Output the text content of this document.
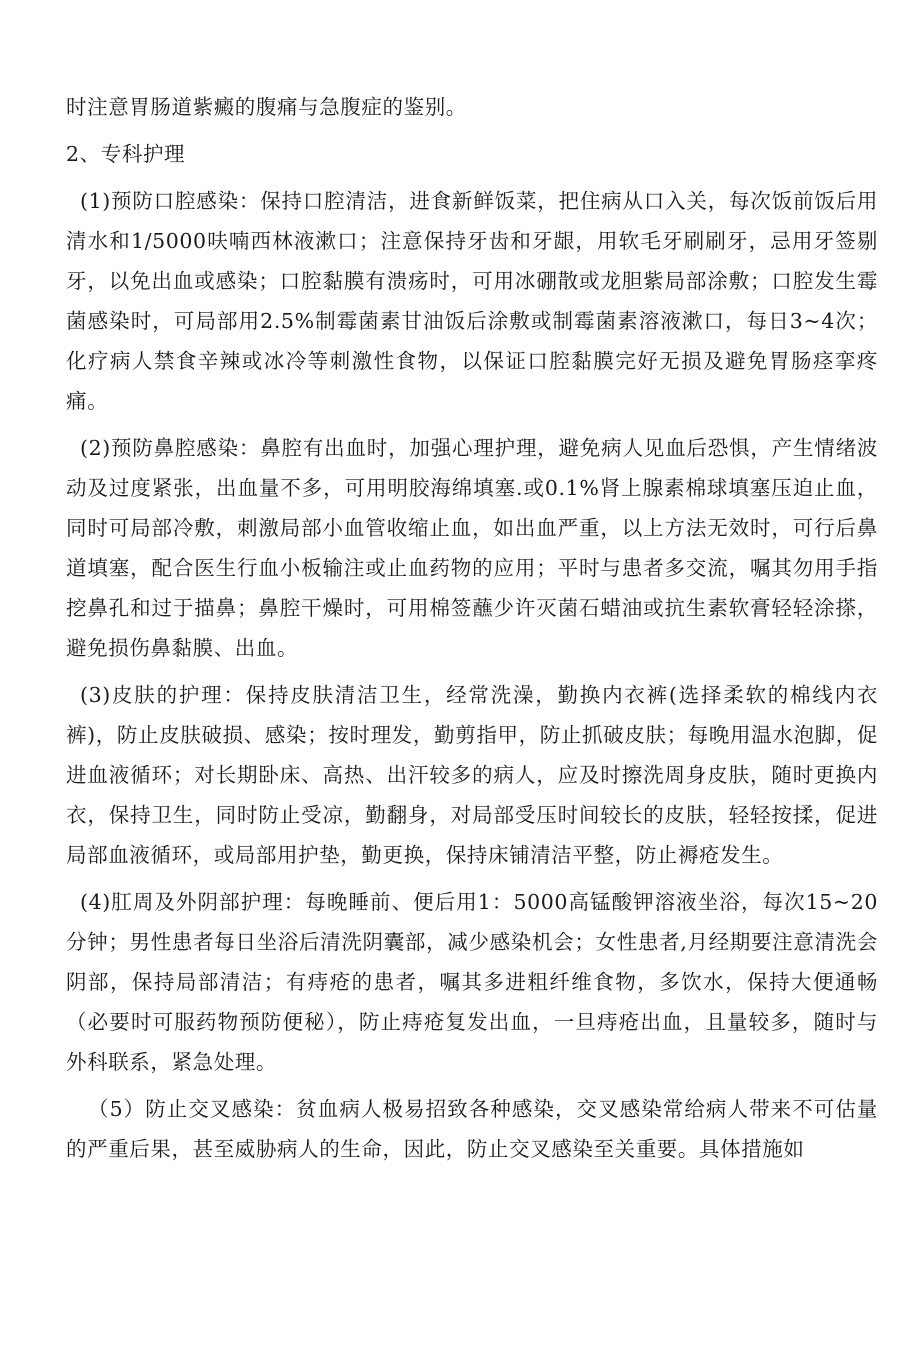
时注意胃肠道紫癜的腹痛与急腹症的鉴别。

2、专科护理

(1)预防口腔感染：保持口腔清洁，进食新鲜饭菜，把住病从口入关，每次饭前饭后用清水和1/5000呋喃西林液漱口；注意保持牙齿和牙龈，用软毛牙刷刷牙，忌用牙签剔牙，以免出血或感染；口腔黏膜有溃疡时，可用冰硼散或龙胆紫局部涂敷；口腔发生霉菌感染时，可局部用2.5%制霉菌素甘油饭后涂敷或制霉菌素溶液漱口，每日3~4次；化疗病人禁食辛辣或冰冷等刺激性食物，以保证口腔黏膜完好无损及避免胃肠痉挛疼痛。

(2)预防鼻腔感染：鼻腔有出血时，加强心理护理，避免病人见血后恐惧，产生情绪波动及过度紧张，出血量不多，可用明胶海绵填塞.或0.1%肾上腺素棉球填塞压迫止血，同时可局部冷敷，刺激局部小血管收缩止血，如出血严重，以上方法无效时，可行后鼻道填塞，配合医生行血小板输注或止血药物的应用；平时与患者多交流，嘱其勿用手指挖鼻孔和过于描鼻；鼻腔干燥时，可用棉签蘸少许灭菌石蜡油或抗生素软膏轻轻涂搽，避免损伤鼻黏膜、出血。

(3)皮肤的护理：保持皮肤清洁卫生，经常洗澡，勤换内衣裤(选择柔软的棉线内衣裤)，防止皮肤破损、感染；按时理发，勤剪指甲，防止抓破皮肤；每晚用温水泡脚，促进血液循环；对长期卧床、高热、出汗较多的病人，应及时擦洗周身皮肤，随时更换内衣，保持卫生，同时防止受凉，勤翻身，对局部受压时间较长的皮肤，轻轻按揉，促进局部血液循环，或局部用护垫，勤更换，保持床铺清洁平整，防止褥疮发生。

(4)肛周及外阴部护理：每晚睡前、便后用1：5000高锰酸钾溶液坐浴，每次15~20分钟；男性患者每日坐浴后清洗阴囊部，减少感染机会；女性患者,月经期要注意清洗会阴部，保持局部清洁；有痔疮的患者，嘱其多进粗纤维食物，多饮水，保持大便通畅（必要时可服药物预防便秘），防止痔疮复发出血，一旦痔疮出血，且量较多，随时与外科联系，紧急处理。

（5）防止交叉感染：贫血病人极易招致各种感染，交叉感染常给病人带来不可估量的严重后果，甚至威胁病人的生命，因此，防止交叉感染至关重要。具体措施如
